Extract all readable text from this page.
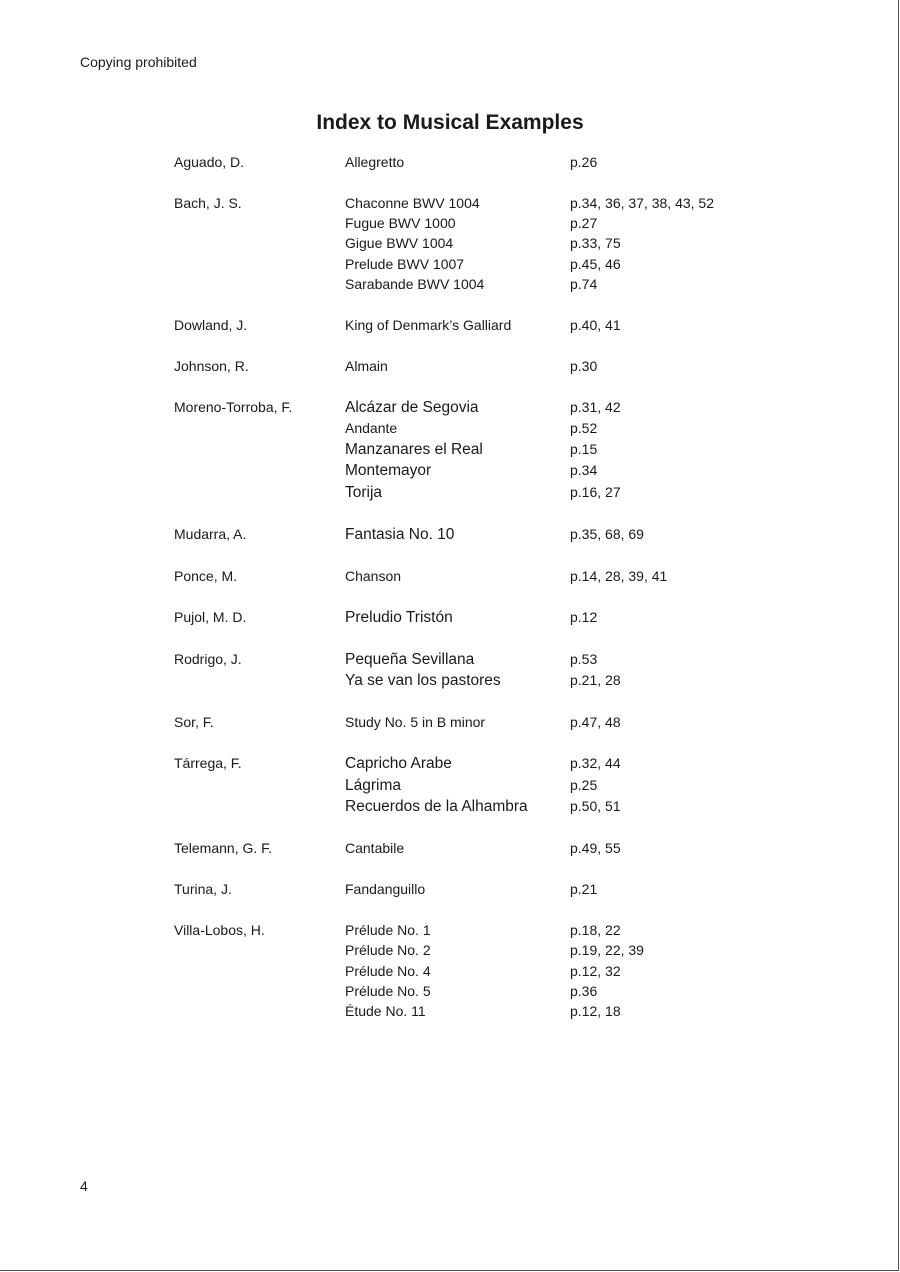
Copying prohibited
Index to Musical Examples
Aguado, D.	Allegretto	p.26
Bach, J. S.	Chaconne BWV 1004	p.34, 36, 37, 38, 43, 52
Fugue BWV 1000	p.27
Gigue BWV 1004	p.33, 75
Prelude BWV 1007	p.45, 46
Sarabande BWV 1004	p.74
Dowland, J.	King of Denmark’s Galliard	p.40, 41
Johnson, R.	Almain	p.30
Moreno-Torroba, F.	Alcázar de Segovia	p.31, 42
Andante	p.52
Manzanares el Real	p.15
Montemayor	p.34
Torija	p.16, 27
Mudarra, A.	Fantasia No. 10	p.35, 68, 69
Ponce, M.	Chanson	p.14, 28, 39, 41
Pujol, M. D.	Preludio Tristón	p.12
Rodrigo, J.	Pequeña Sevillana	p.53
Ya se van los pastores	p.21, 28
Sor, F.	Study No. 5 in B minor	p.47, 48
Tárrega, F.	Capricho Arabe	p.32, 44
Lágrima	p.25
Recuerdos de la Alhambra	p.50, 51
Telemann, G. F.	Cantabile	p.49, 55
Turina, J.	Fandanguillo	p.21
Villa-Lobos, H.	Prélude No. 1	p.18, 22
Prélude No. 2	p.19, 22, 39
Prélude No. 4	p.12, 32
Prélude No. 5	p.36
Étude No. 11	p.12, 18
4
